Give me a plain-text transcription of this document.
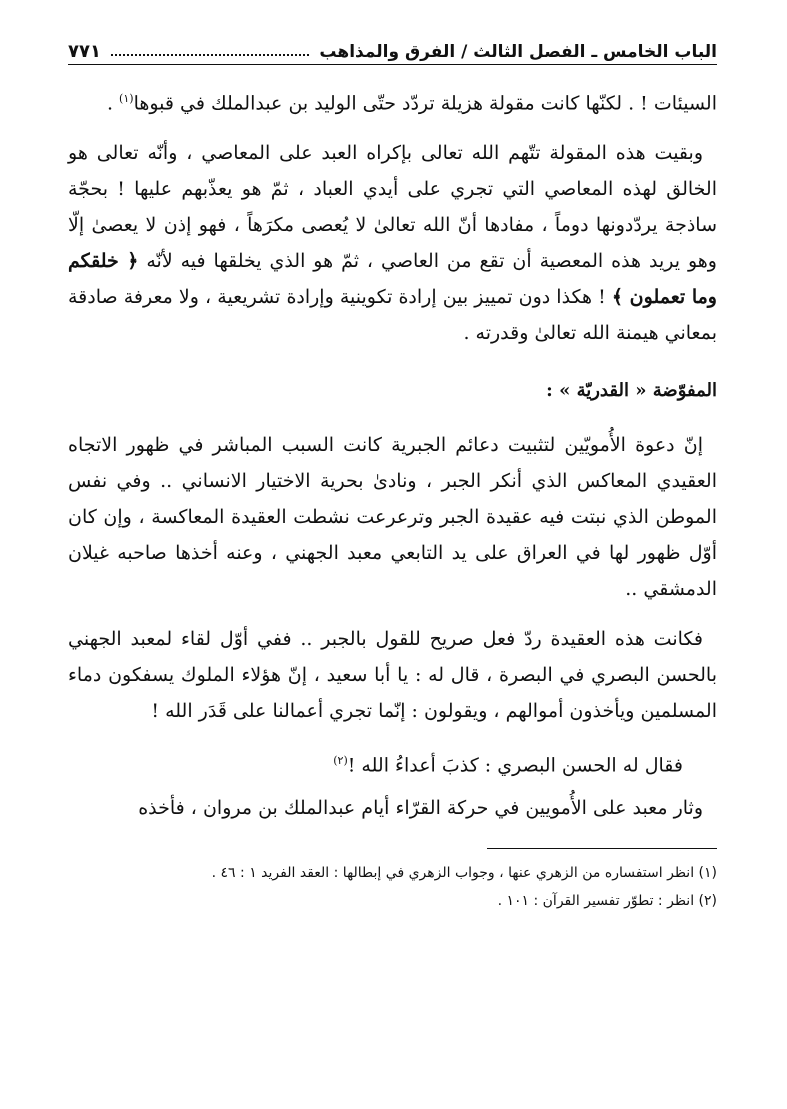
الباب الخامس ـ الفصل الثالث / الفرق والمذاهب
٧٧١

السيئات ! . لكنّها كانت مقولة هزيلة تردّد حتّى الوليد بن عبدالملك في قبوها$^{(١)}$ .

وبقيت هذه المقولة تتّهم الله تعالى بإكراه العبد على المعاصي ، وأنّه تعالى هو الخالق لهذه المعاصي التي تجري على أيدي العباد ، ثمّ هو يعذّبهم عليها ! بحجّة ساذجة يردّدونها دوماً ، مفادها أنّ الله تعالىٰ لا يُعصى مكرَهاً ، فهو إذن لا يعصىٰ إلّا وهو يريد هذه المعصية أن تقع من العاصي ، ثمّ هو الذي يخلقها فيه لأنّه ﴿ خلقكم وما تعملون ﴾ ! هكذا دون تمييز بين إرادة تكوينية وإرادة تشريعية ، ولا معرفة صادقة بمعاني هيمنة الله تعالىٰ وقدرته .

المفوّضة « القدريّة » :

إنّ دعوة الأُمويّين لتثبيت دعائم الجبرية كانت السبب المباشر في ظهور الاتجاه العقيدي المعاكس الذي أنكر الجبر ، ونادىٰ بحرية الاختيار الانساني .. وفي نفس الموطن الذي نبتت فيه عقيدة الجبر وترعرعت نشطت العقيدة المعاكسة ، وإن كان أوّل ظهور لها في العراق على يد التابعي معبد الجهني ، وعنه أخذها صاحبه غيلان الدمشقي ..

فكانت هذه العقيدة ردّ فعل صريح للقول بالجبر .. ففي أوّل لقاء لمعبد الجهني بالحسن البصري في البصرة ، قال له : يا أبا سعيد ، إنّ هؤلاء الملوك يسفكون دماء المسلمين ويأخذون أموالهم ، ويقولون : إنّما تجري أعمالنا على قَدَر الله !

فقال له الحسن البصري : كذبَ أعداءُ الله !$^{(٢)}$

وثار معبد على الأُمويين في حركة القرّاء أيام عبدالملك بن مروان ، فأخذه

(١) انظر استفساره من الزهري عنها ، وجواب الزهري في إبطالها : العقد الفريد ١ : ٤٦ .

(٢) انظر : تطوّر تفسير القرآن : ١٠١ .
